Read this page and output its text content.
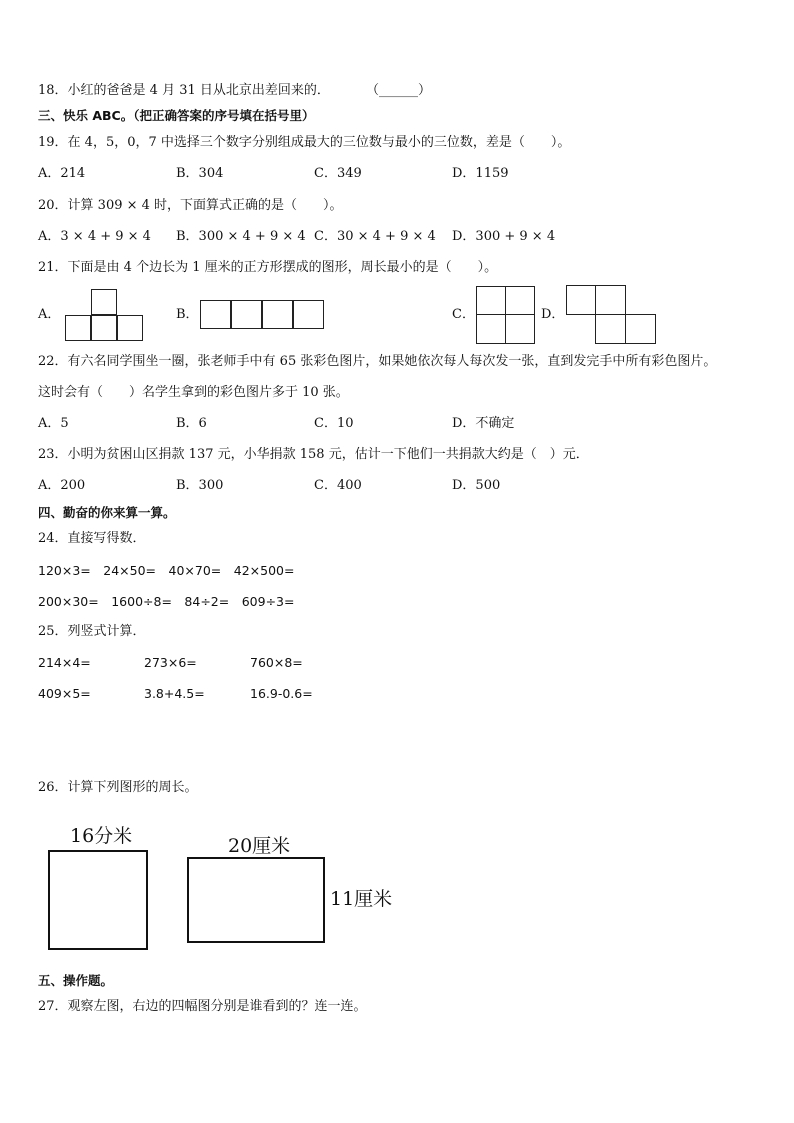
18．小红的爸爸是 4 月 31 日从北京出差回来的．	（______）
三、快乐 ABC。（把正确答案的序号填在括号里）
19．在 4，5，0，7 中选择三个数字分别组成最大的三位数与最小的三位数，差是（　　）。
A．214	B．304	C．349	D．1159
20．计算 309 × 4 时，下面算式正确的是（　　）。
A．3 × 4 + 9 × 4 B．300 × 4 + 9 × 4 C．30 × 4 + 9 × 4 D．300 + 9 × 4
21．下面是由 4 个边长为 1 厘米的正方形摆成的图形，周长最小的是（　　）。
A．	B．	C．	D．
22．有六名同学围坐一圈，张老师手中有 65 张彩色图片，如果她依次每人每次发一张，直到发完手中所有彩色图片。
这时会有（　　）名学生拿到的彩色图片多于 10 张。
A．5	B．6	C．10	D．不确定
23．小明为贫困山区捐款 137 元，小华捐款 158 元，估计一下他们一共捐款大约是（　）元．
A．200	B．300	C．400	D．500
四、勤奋的你来算一算。
24．直接写得数．
120×3=　24×50=　40×70=　42×500=
200×30=　1600÷8=　84÷2=　609÷3=
25．列竖式计算．
214×4=	273×6=	760×8=
409×5=	3.8+4.5=	16.9-0.6=
26．计算下列图形的周长。
16分米	20厘米
11厘米
五、操作题。
27．观察左图，右边的四幅图分别是谁看到的？连一连。
